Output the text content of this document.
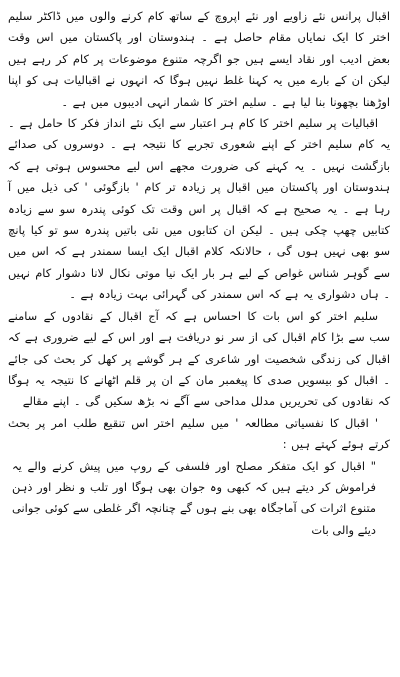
اقبال پرانس نئے زاویے اور نئے اپروچ کے ساتھ کام کرنے والوں میں ڈاکٹر سلیم اختر کا ایک نمایاں مقام حاصل ہے ۔ ہندوستان اور پاکستان میں اس وقت بعض ادیب اور نقاد ایسے ہیں جو اگرچہ متنوع موضوعات پر کام کر رہے ہیں لیکن ان کے بارے میں یہ کہنا غلط نہیں ہوگا کہ انہوں نے اقبالیات ہی کو اپنا اوڑھنا بچھونا بنا لیا ہے ۔ سلیم اختر کا شمار انہی ادیبوں میں ہے ۔

اقبالیات پر سلیم اختر کا کام ہر اعتبار سے ایک نئے انداز فکر کا حامل ہے ۔ یہ کام سلیم اختر کے اپنے شعوری تجربے کا نتیجہ ہے ۔ دوسروں کی صدائے بازگشت نہیں ۔ یہ کہنے کی ضرورت مجھے اس لیے محسوس ہوتی ہے کہ ہندوستان اور پاکستان میں اقبال پر زیادہ تر کام ' بازگوئی ' کی ذیل میں آ رہا ہے ۔ یہ صحیح ہے کہ اقبال پر اس وقت تک کوئی پندرہ سو سے زیادہ کتابیں چھپ چکی ہیں ۔ لیکن ان کتابوں میں نئی باتیں پندرہ سو تو کیا پانچ سو بھی نہیں ہوں گی ، حالانکہ کلام اقبال ایک ایسا سمندر ہے کہ اس میں سے گوہر شناس غواص کے لیے ہر بار ایک نیا موتی نکال لانا دشوار کام نہیں ۔ ہاں دشواری یہ ہے کہ اس سمندر کی گہرائی بہت زیادہ ہے ۔

سلیم اختر کو اس بات کا احساس ہے کہ آج اقبال کے نقادوں کے سامنے سب سے بڑا کام اقبال کی از سر نو دریافت ہے اور اس کے لیے ضروری ہے کہ اقبال کی زندگی شخصیت اور شاعری کے ہر گوشے پر کھل کر بحث کی جائے ۔ اقبال کو بیسویں صدی کا پیغمبر مان کے ان پر قلم اٹھانے کا نتیجہ یہ ہوگا کہ نقادوں کی تحریریں مدلل مداحی سے آگے نہ بڑھ سکیں گی ۔ اپنے مقالے

' اقبال کا نفسیاتی مطالعہ ' میں سلیم اختر اس تنقیع طلب امر پر بحث کرتے ہوئے کہتے ہیں :

" اقبال کو ایک متفکر مصلح اور فلسفی کے روپ میں پیش کرنے والے یہ فراموش کر دیتے ہیں کہ کبھی وہ جوان بھی ہوگا اور تلب و نظر اور ذہن متنوع اثرات کی آماجگاہ بھی بنے ہوں گے چنانچہ اگر غلطی سے کوئی جوانی دیئے والی بات
